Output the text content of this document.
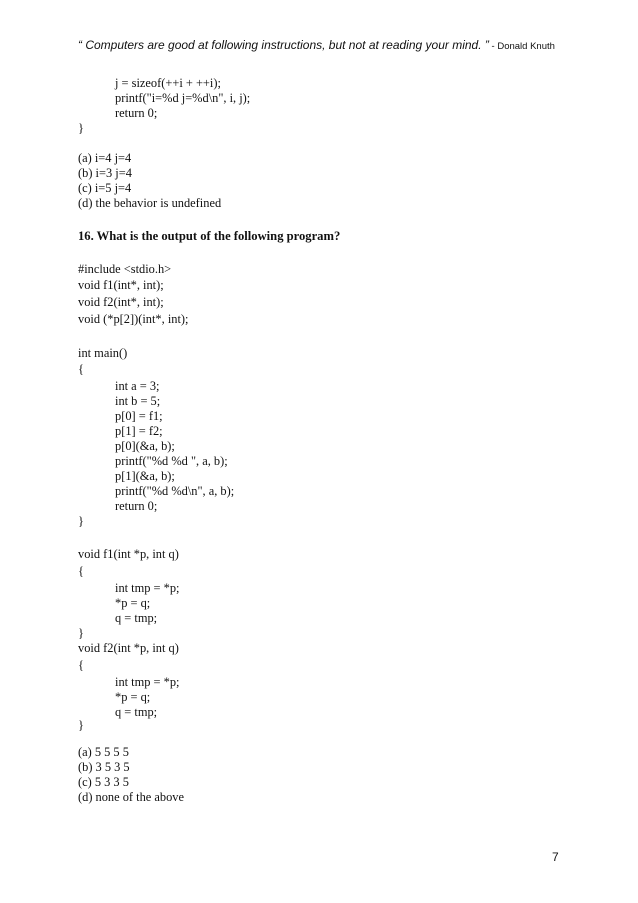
“ Computers are good at following instructions, but not at reading your mind. ” - Donald Knuth
j = sizeof(++i + ++i);
printf("i=%d j=%d\n", i, j);
return 0;
}
(a) i=4 j=4
(b) i=3 j=4
(c) i=5 j=4
(d) the behavior is undefined
16. What is the output of the following program?
#include <stdio.h>
void f1(int*, int);
void f2(int*, int);
void (*p[2])(int*, int);
int main()
{
int a = 3;
int b = 5;
p[0] = f1;
p[1] = f2;
p[0](&a, b);
printf("%d %d ", a, b);
p[1](&a, b);
printf("%d %d\n", a, b);
return 0;
}
void f1(int *p, int q)
{
int tmp = *p;
*p = q;
q = tmp;
}
void f2(int *p, int q)
{
int tmp = *p;
*p = q;
q = tmp;
}
(a) 5 5 5 5
(b) 3 5 3 5
(c) 5 3 3 5
(d) none of the above
7
